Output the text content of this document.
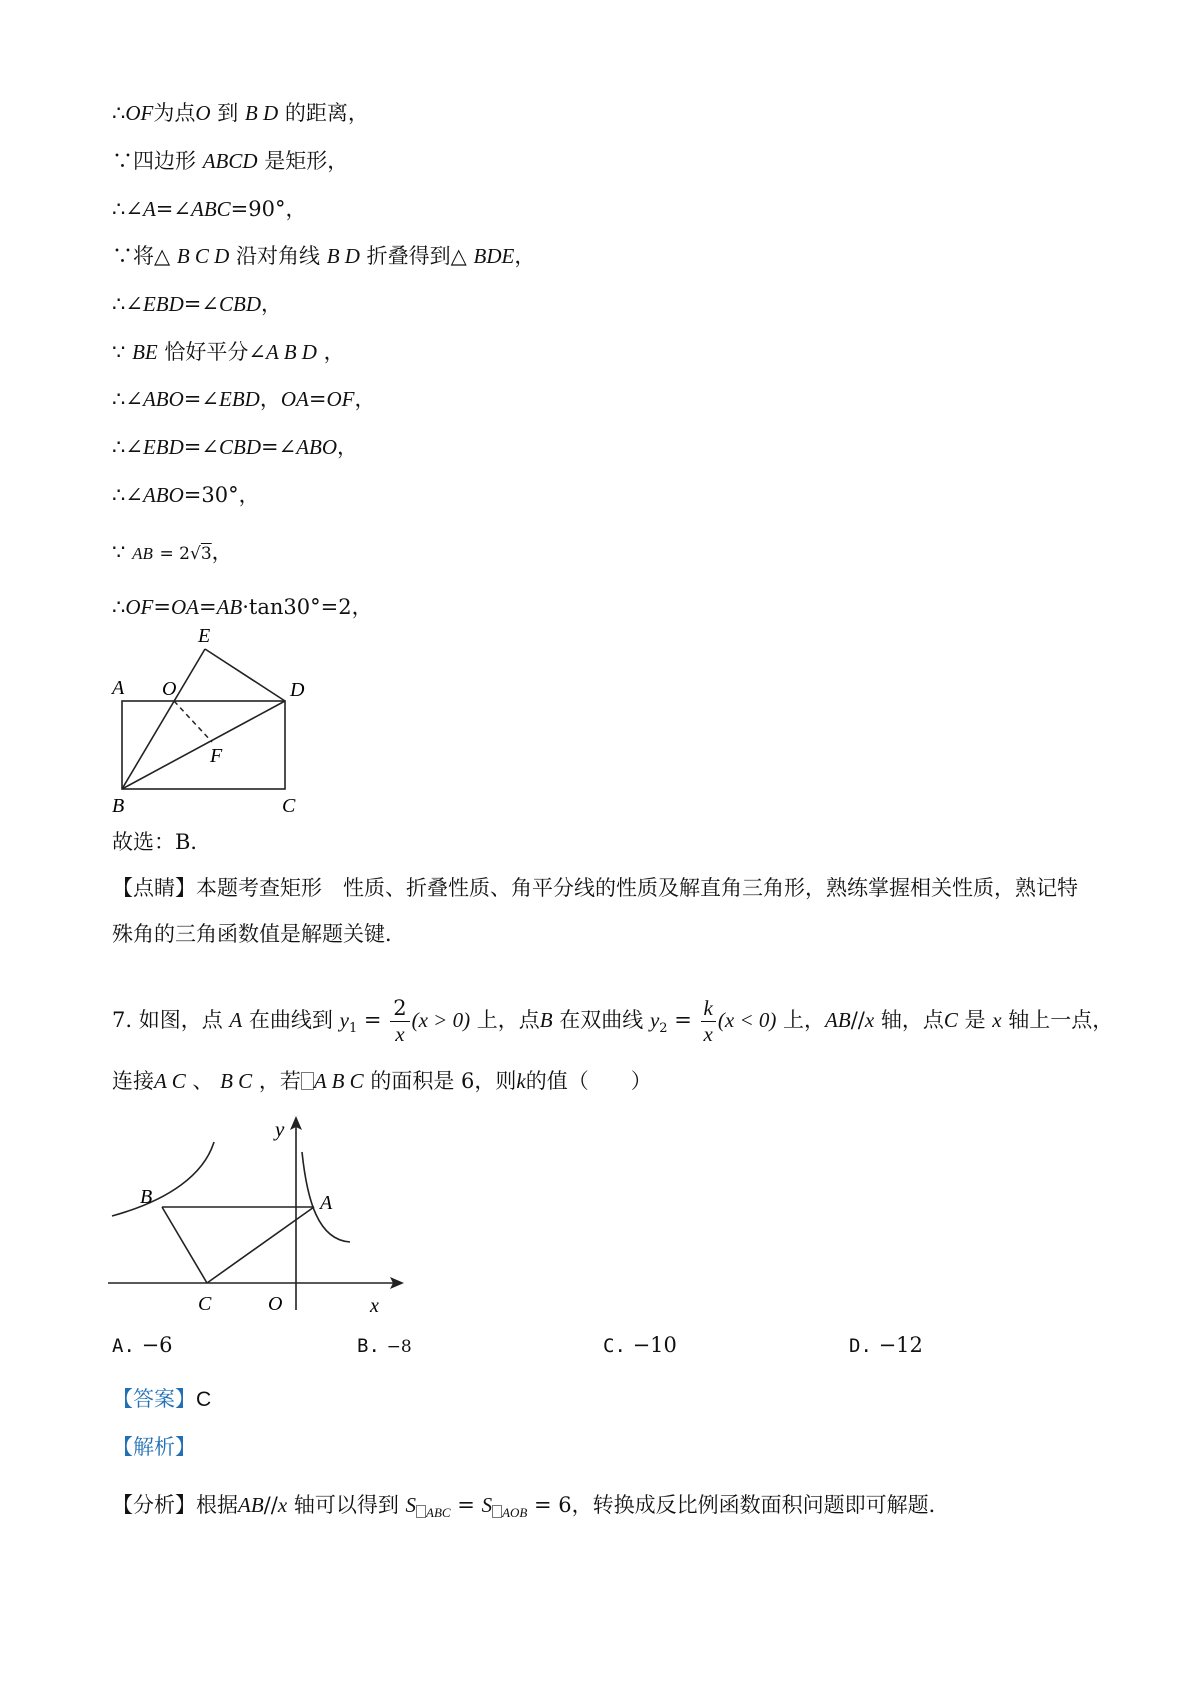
∴OF为点O 到 B D 的距离，
∵四边形 ABCD 是矩形，
∴∠A=∠ABC=90°，
∵将△ B C D 沿对角线 B D 折叠得到△ BDE，
∴∠EBD=∠CBD，
∵ BE 恰好平分∠A B D ，
∴∠ABO=∠EBD，OA=OF，
∴∠EBD=∠CBD=∠ABO，
∴∠ABO=30°，
∵ AB = 2√3，
∴OF=OA=AB·tan30°=2，
A O
E
D
F
B	C
故选：B．
【点睛】本题考查矩形　性质、折叠性质、角平分线的性质及解直角三角形，熟练掌握相关性质，熟记特
殊角的三角函数值是解题关键．
7. 如图，点 A 在曲线到 $y_1 = \frac{2}{x} (x > 0)$ 上，点B 在双曲线 $y_2 = \frac{k}{x} (x < 0)$ 上，AB//x 轴，点C 是 x 轴上一点，
连接A C 、 B C ，若 A B C 的面积是 6，则k的值（　　）
y
B	A
C	O	x
A. −6	B. −8	C. −10	D. −12
【答案】C
【解析】
【分析】根据AB//x 轴可以得到 S $_{ABC}$ = S $_{AOB}$ = 6，转换成反比例函数面积问题即可解题．
